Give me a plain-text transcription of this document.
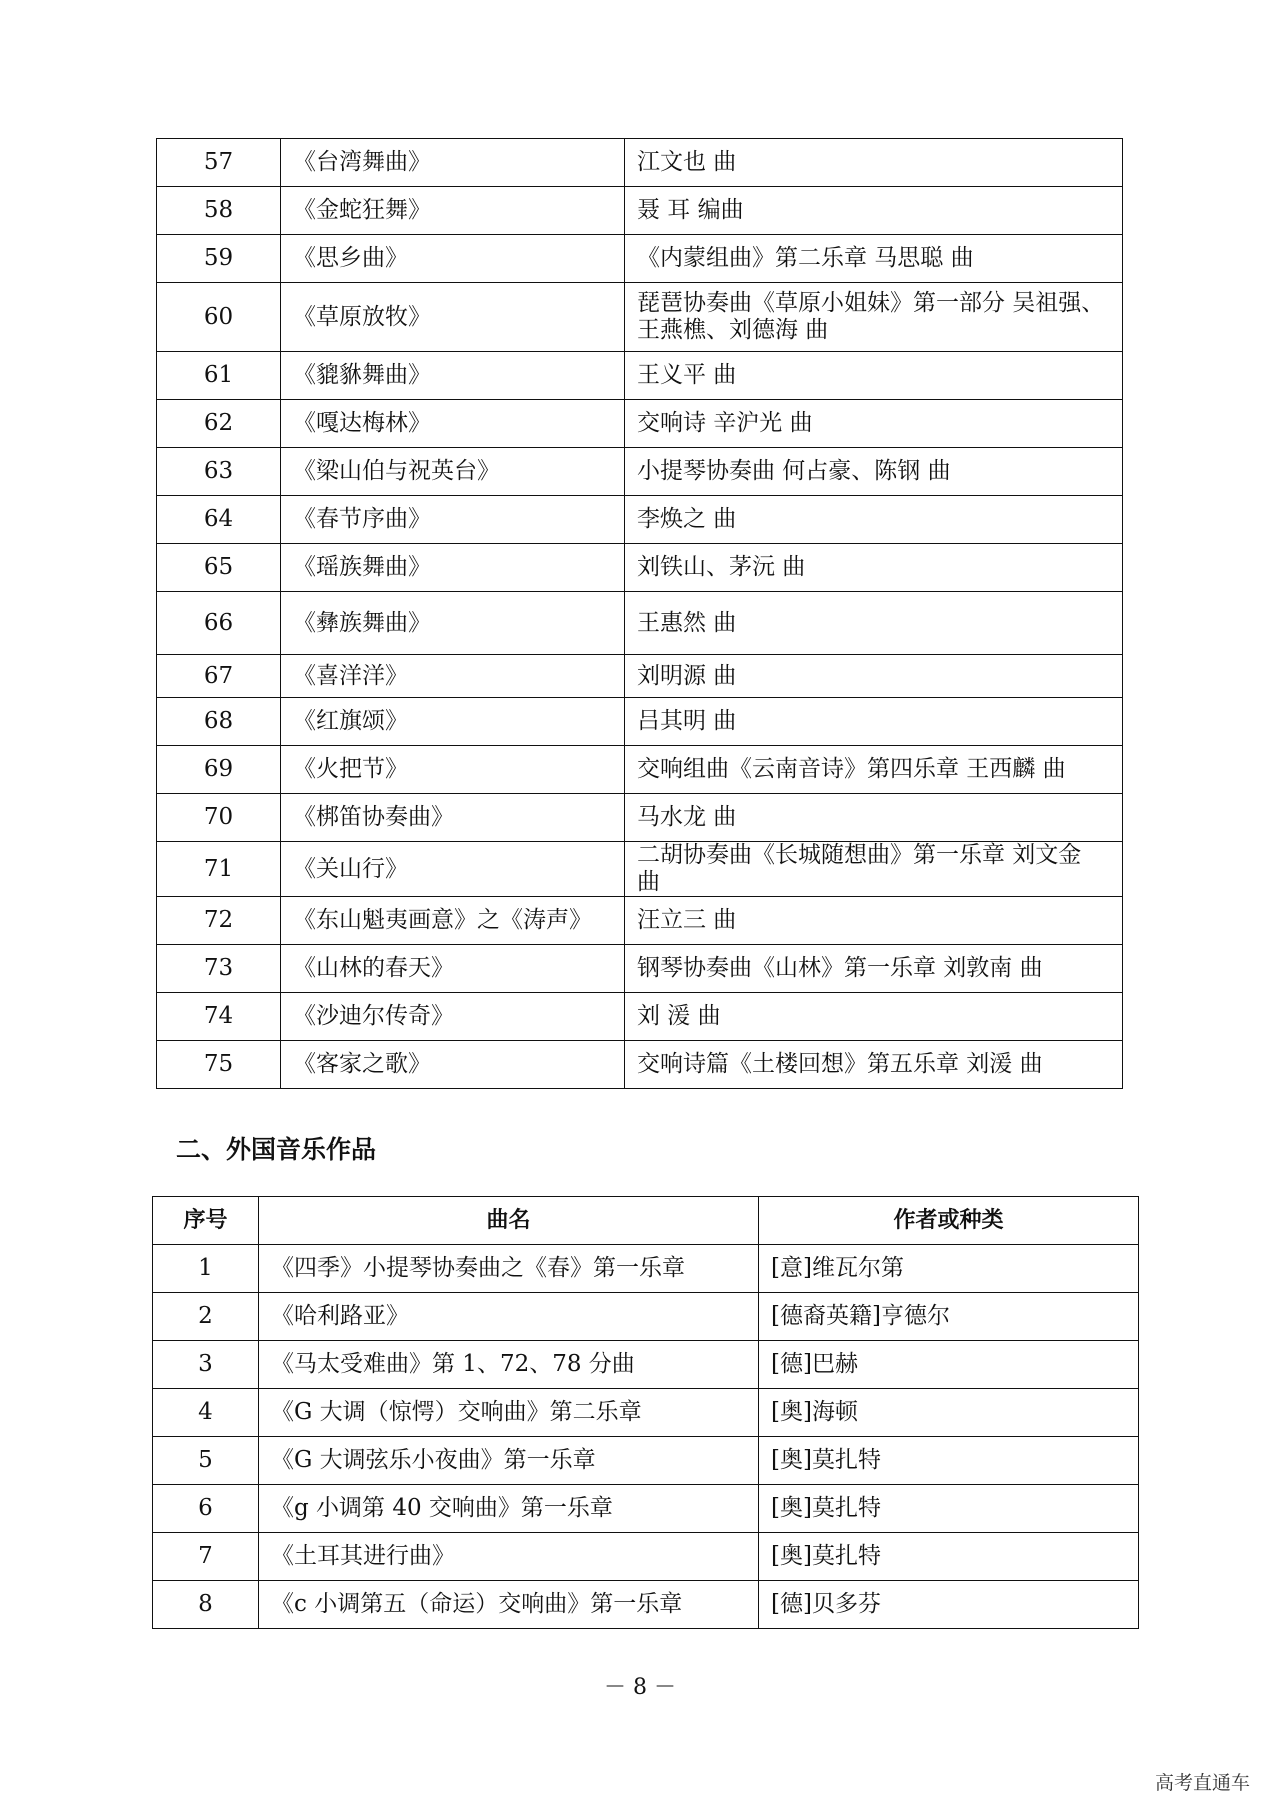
57	《台湾舞曲》	江文也 曲
58	《金蛇狂舞》	聂 耳 编曲
59	《思乡曲》	《内蒙组曲》第二乐章 马思聪 曲
60	《草原放牧》	琵琶协奏曲《草原小姐妹》第一部分 吴祖强、王燕樵、刘德海 曲
61	《貔貅舞曲》	王义平 曲
62	《嘎达梅林》	交响诗 辛沪光 曲
63	《梁山伯与祝英台》	小提琴协奏曲 何占豪、陈钢 曲
64	《春节序曲》	李焕之 曲
65	《瑶族舞曲》	刘铁山、茅沅 曲
66	《彝族舞曲》	王惠然 曲
67	《喜洋洋》	刘明源 曲
68	《红旗颂》	吕其明 曲
69	《火把节》	交响组曲《云南音诗》第四乐章 王西麟 曲
70	《梆笛协奏曲》	马水龙 曲
71	《关山行》	二胡协奏曲《长城随想曲》第一乐章 刘文金 曲
72	《东山魁夷画意》之《涛声》	汪立三 曲
73	《山林的春天》	钢琴协奏曲《山林》第一乐章 刘敦南 曲
74	《沙迪尔传奇》	刘 湲 曲
75	《客家之歌》	交响诗篇《土楼回想》第五乐章 刘湲 曲
二、外国音乐作品
序号	曲名	作者或种类
1	《四季》小提琴协奏曲之《春》第一乐章	[意]维瓦尔第
2	《哈利路亚》	[德裔英籍]亨德尔
3	《马太受难曲》第 1、72、78 分曲	[德]巴赫
4	《G 大调（惊愕）交响曲》第二乐章	[奥]海顿
5	《G 大调弦乐小夜曲》第一乐章	[奥]莫扎特
6	《g 小调第 40 交响曲》第一乐章	[奥]莫扎特
7	《土耳其进行曲》	[奥]莫扎特
8	《c 小调第五（命运）交响曲》第一乐章	[德]贝多芬
－ 8 －
高考直通车
